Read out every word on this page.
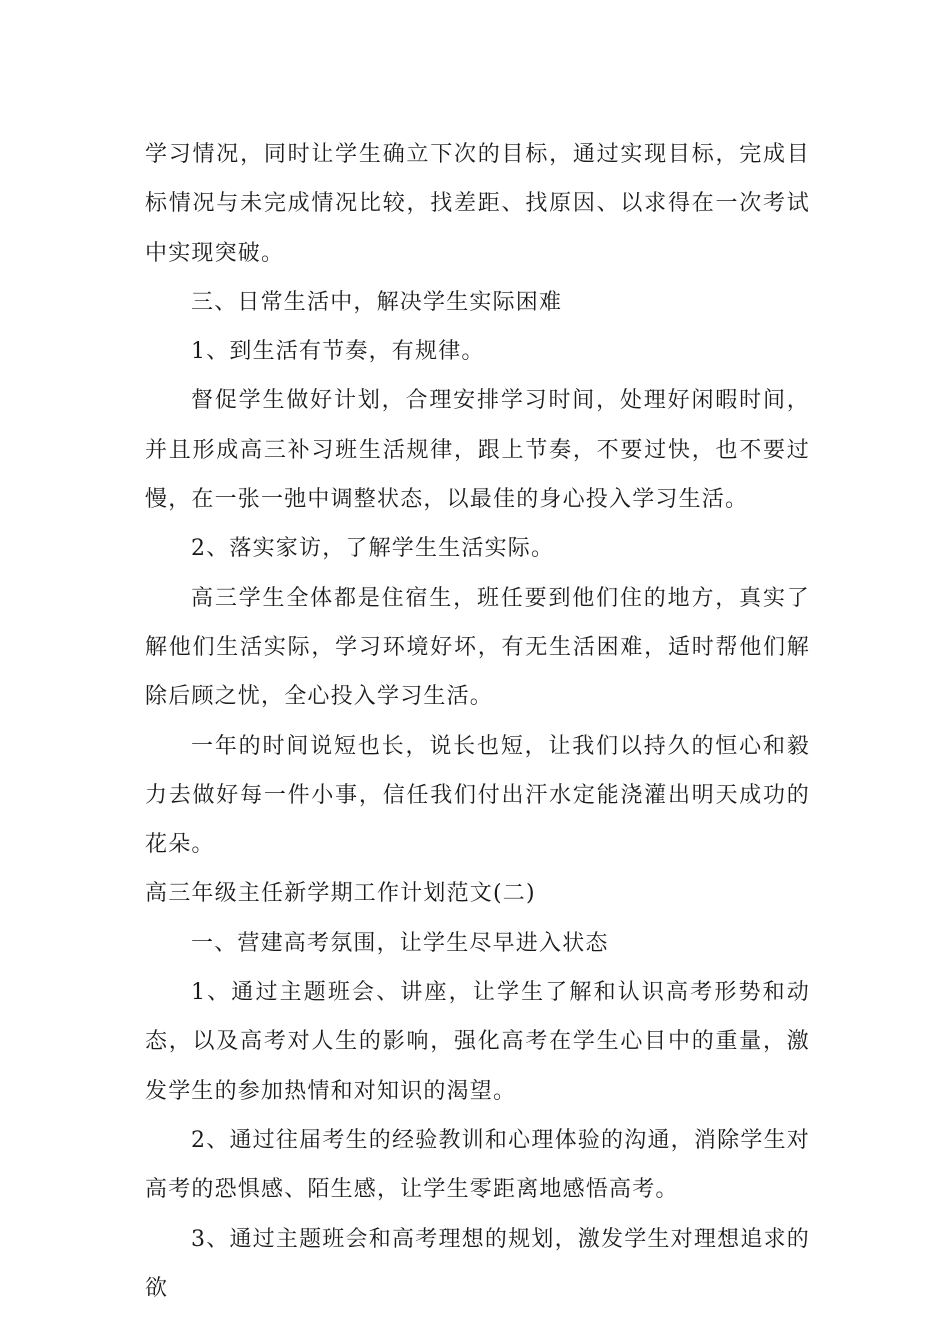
学习情况，同时让学生确立下次的目标，通过实现目标，完成目标情况与未完成情况比较，找差距、找原因、以求得在一次考试中实现突破。

三、日常生活中，解决学生实际困难

1、到生活有节奏，有规律。

督促学生做好计划，合理安排学习时间，处理好闲暇时间，并且形成高三补习班生活规律，跟上节奏，不要过快，也不要过慢，在一张一弛中调整状态，以最佳的身心投入学习生活。

2、落实家访，了解学生生活实际。

高三学生全体都是住宿生，班任要到他们住的地方，真实了解他们生活实际，学习环境好坏，有无生活困难，适时帮他们解除后顾之忧，全心投入学习生活。

一年的时间说短也长，说长也短，让我们以持久的恒心和毅力去做好每一件小事，信任我们付出汗水定能浇灌出明天成功的花朵。

高三年级主任新学期工作计划范文(二)

一、营建高考氛围，让学生尽早进入状态

1、通过主题班会、讲座，让学生了解和认识高考形势和动态，以及高考对人生的影响，强化高考在学生心目中的重量，激发学生的参加热情和对知识的渴望。

2、通过往届考生的经验教训和心理体验的沟通，消除学生对高考的恐惧感、陌生感，让学生零距离地感悟高考。

3、通过主题班会和高考理想的规划，激发学生对理想追求的欲
